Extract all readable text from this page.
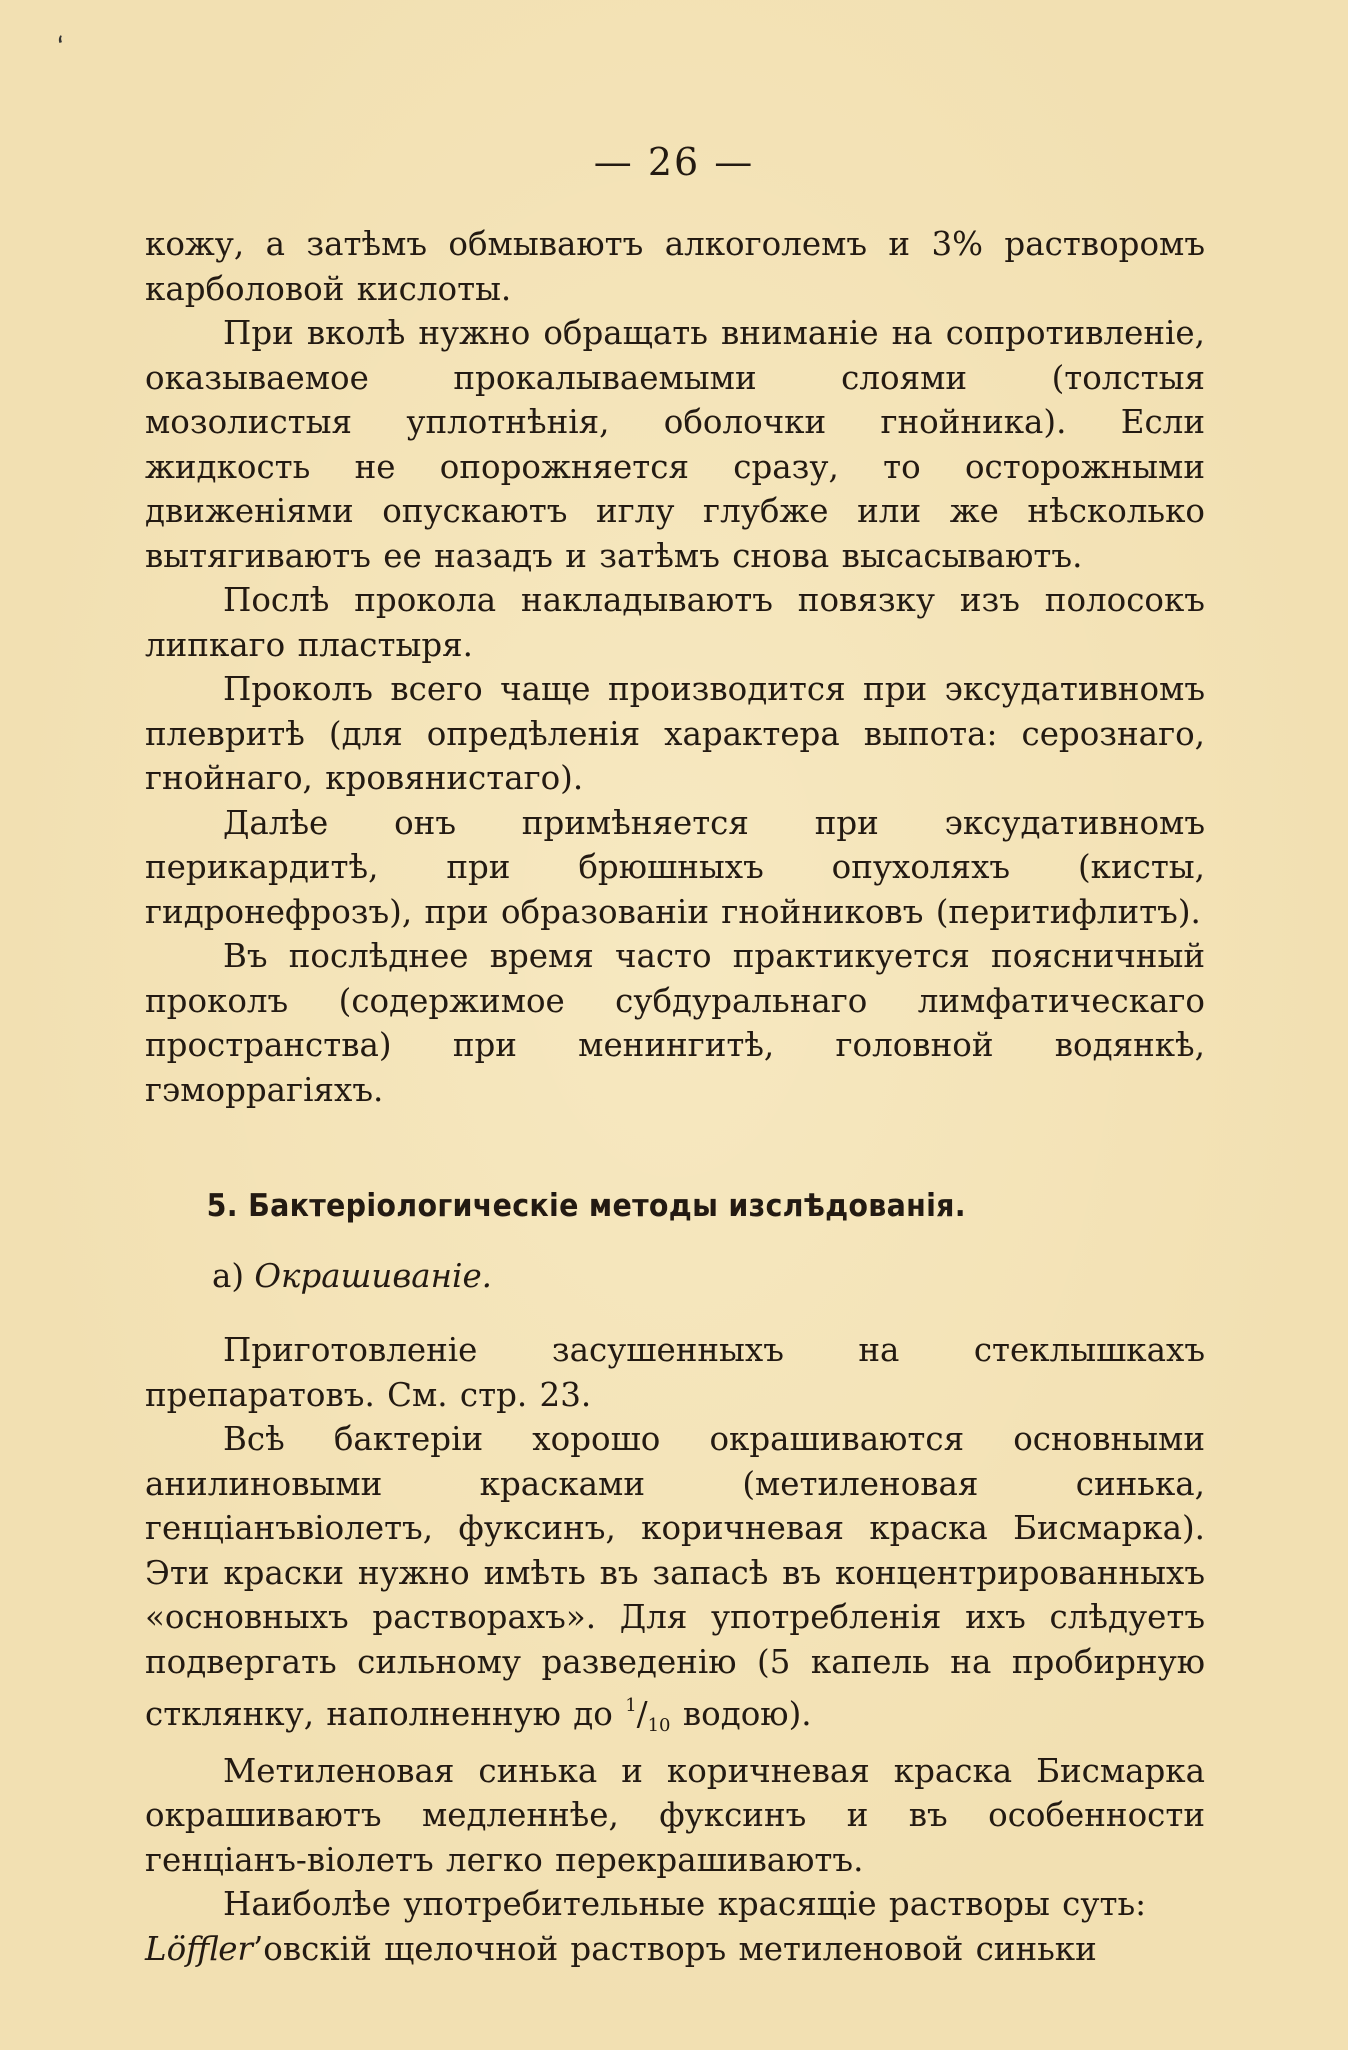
ʻ
— 26 —

кожу, а затѣмъ обмываютъ алкоголемъ и 3% растворомъ карболовой кислоты.

При вколѣ нужно обращать вниманіе на сопротивленіе, оказываемое прокалываемыми слоями (толстыя мозолистыя уплотнѣнія, оболочки гнойника). Если жидкость не опорожняется сразу, то осторожными движеніями опускаютъ иглу глубже или же нѣсколько вытягиваютъ ее назадъ и затѣмъ снова высасываютъ.

Послѣ прокола накладываютъ повязку изъ полосокъ липкаго пластыря.

Проколъ всего чаще производится при эксудативномъ плевритѣ (для опредѣленія характера выпота: серознаго, гнойнаго, кровянистаго).

Далѣе онъ примѣняется при эксудативномъ перикардитѣ, при брюшныхъ опухоляхъ (кисты, гидронефрозъ), при образованіи гнойниковъ (перитифлитъ).

Въ послѣднее время часто практикуется поясничный проколъ (содержимое субдуральнаго лимфатическаго пространства) при менингитѣ, головной водянкѣ, гэморрагіяхъ.

5. Бактеріологическіе методы изслѣдованія.
а) Окрашиваніе.

Приготовленіе засушенныхъ на стеклышкахъ препаратовъ. См. стр. 23.

Всѣ бактеріи хорошо окрашиваются основными анилиновыми красками (метиленовая синька, генціанъвіолетъ, фуксинъ, коричневая краска Бисмарка). Эти краски нужно имѣть въ запасѣ въ концентрированныхъ «основныхъ растворахъ». Для употребленія ихъ слѣдуетъ подвергать сильному разведенію (5 капель на пробирную стклянку, наполненную до $^1/_{10}$ водою).

Метиленовая синька и коричневая краска Бисмарка окрашиваютъ медленнѣе, фуксинъ и въ особенности генціанъ-віолетъ легко перекрашиваютъ.

Наиболѣе употребительные красящіе растворы суть:

Löffler’овскій щелочной растворъ метиленовой синьки
